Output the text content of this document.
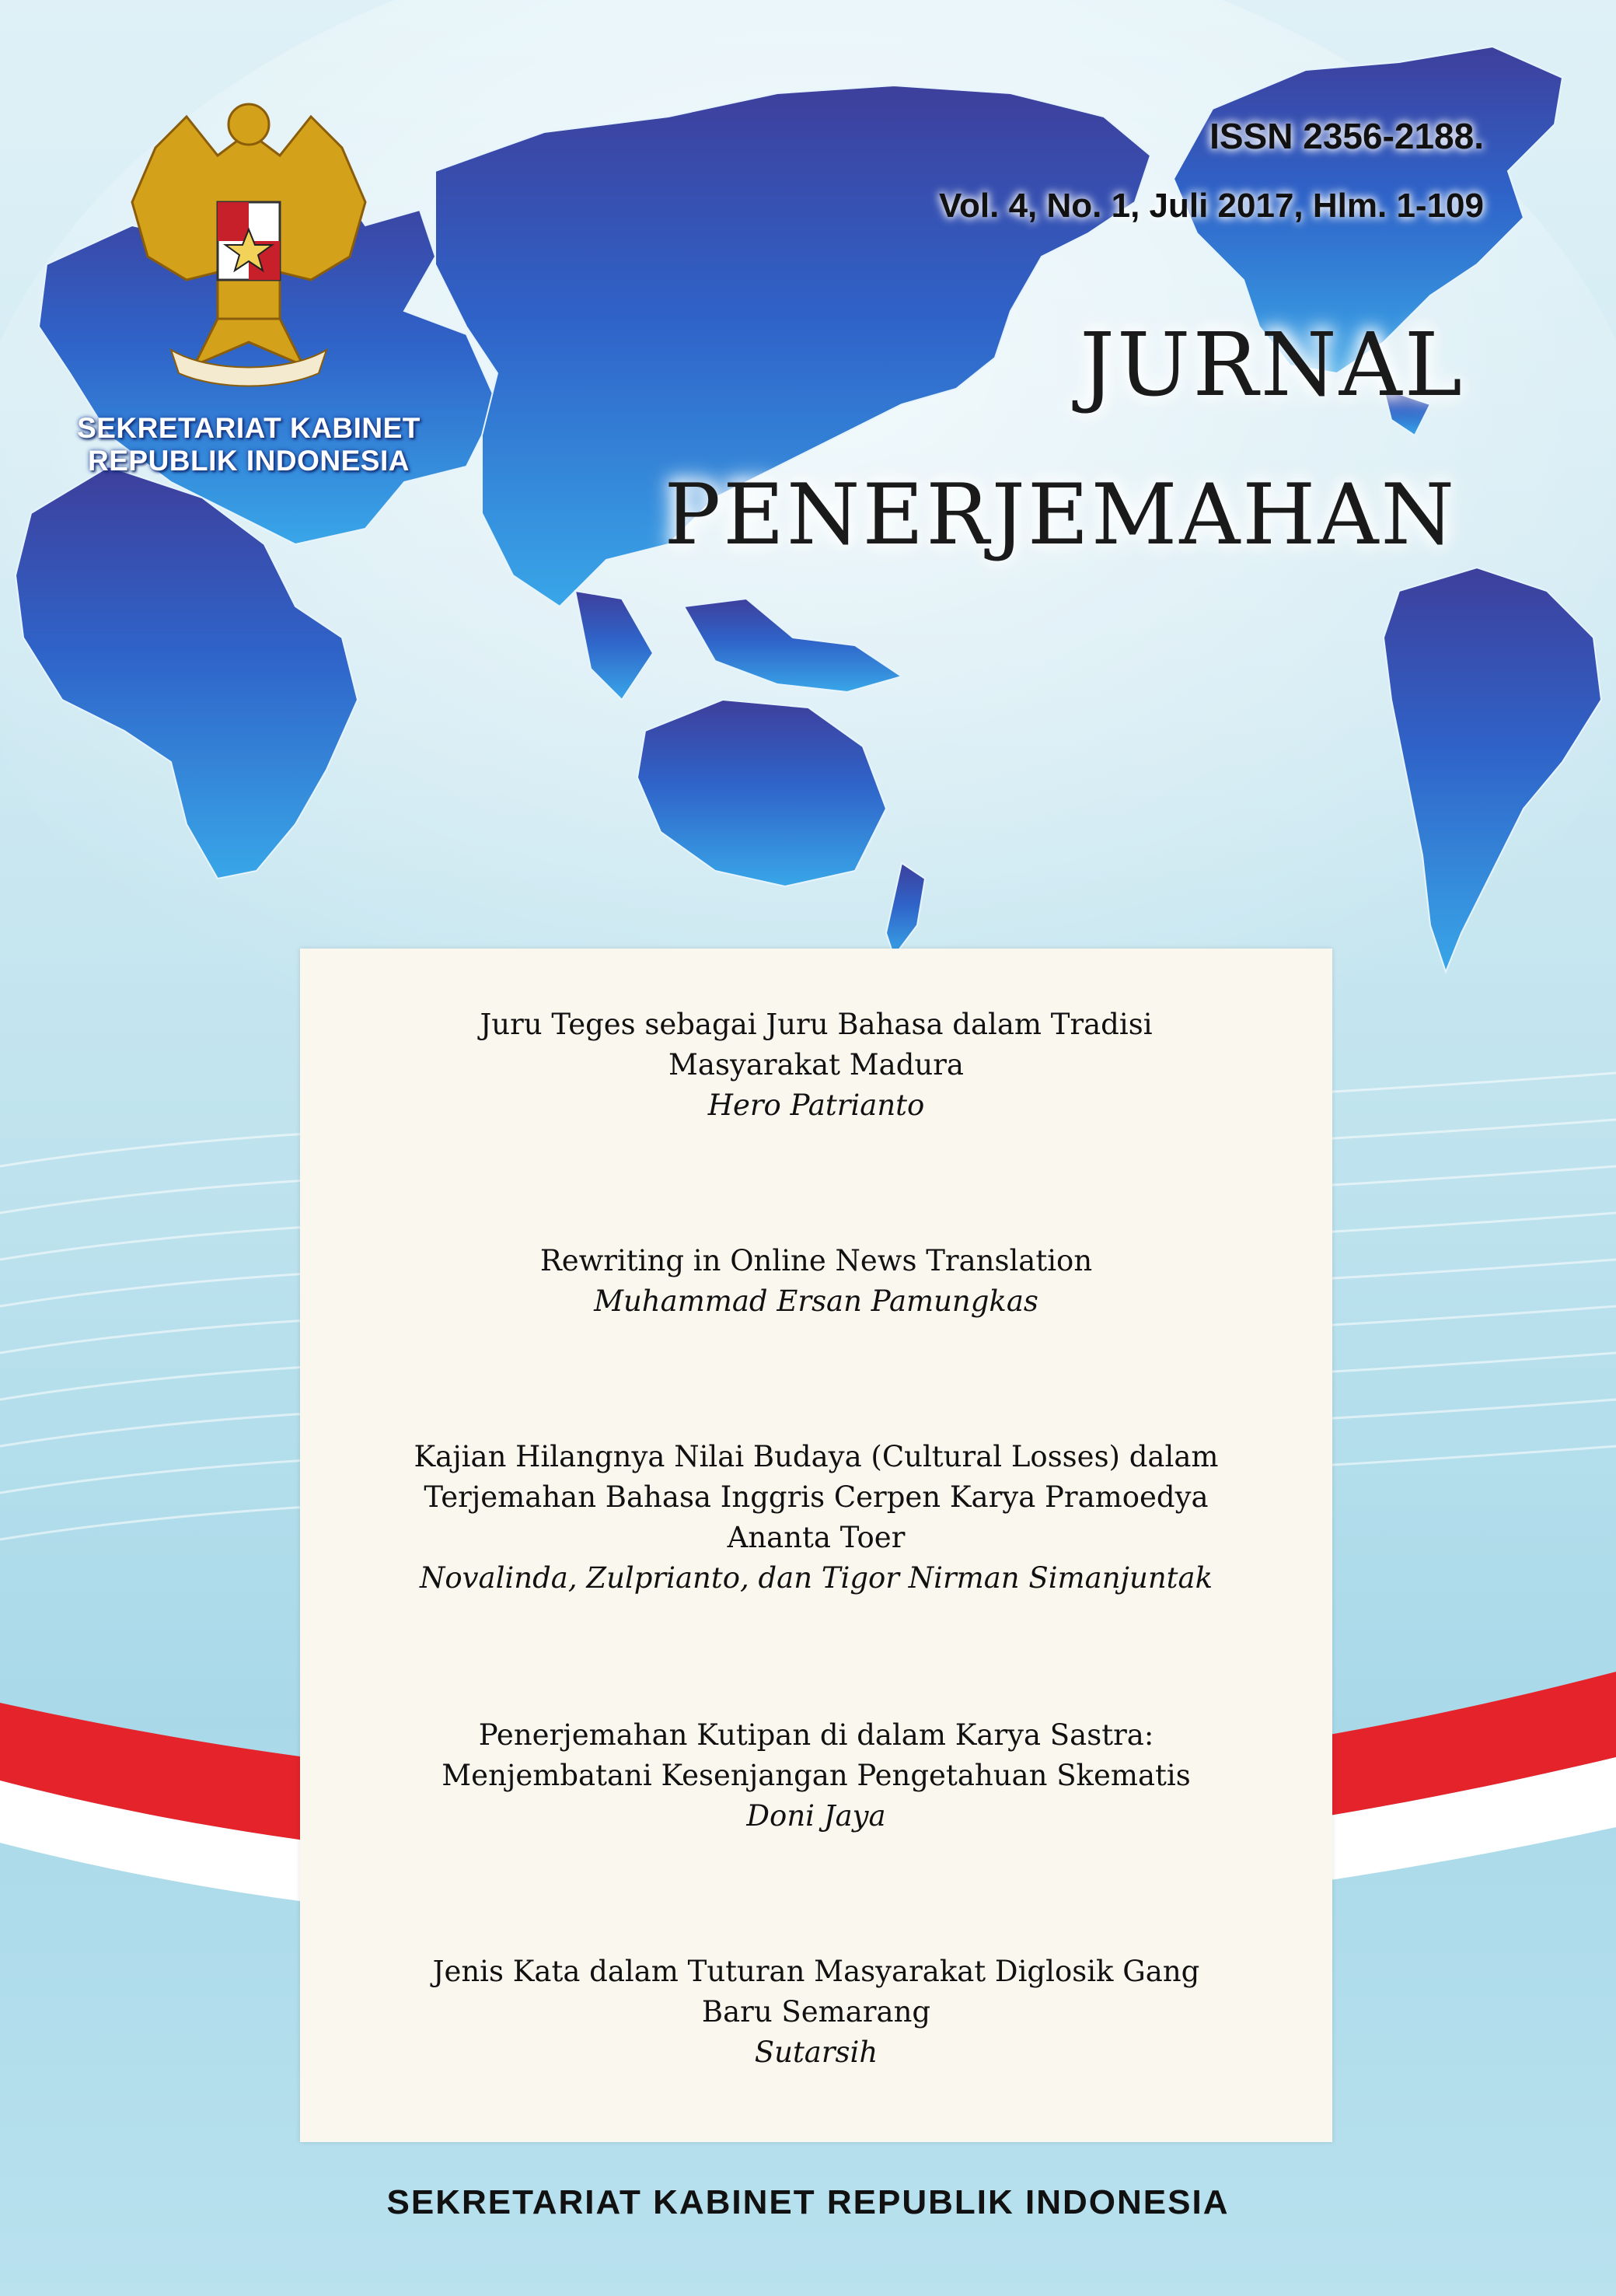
SEKRETARIAT KABINET
REPUBLIK INDONESIA
ISSN 2356-2188.
Vol. 4, No. 1, Juli 2017, Hlm. 1-109
JURNAL
PENERJEMAHAN
Juru Teges sebagai Juru Bahasa dalam Tradisi
Masyarakat Madura
Hero Patrianto
Rewriting in Online News Translation
Muhammad Ersan Pamungkas
Kajian Hilangnya Nilai Budaya (Cultural Losses) dalam
Terjemahan Bahasa Inggris Cerpen Karya Pramoedya
Ananta Toer
Novalinda, Zulprianto, dan Tigor Nirman Simanjuntak
Penerjemahan Kutipan di dalam Karya Sastra:
Menjembatani Kesenjangan Pengetahuan Skematis
Doni Jaya
Jenis Kata dalam Tuturan Masyarakat Diglosik Gang
Baru Semarang
Sutarsih
SEKRETARIAT KABINET REPUBLIK INDONESIA
